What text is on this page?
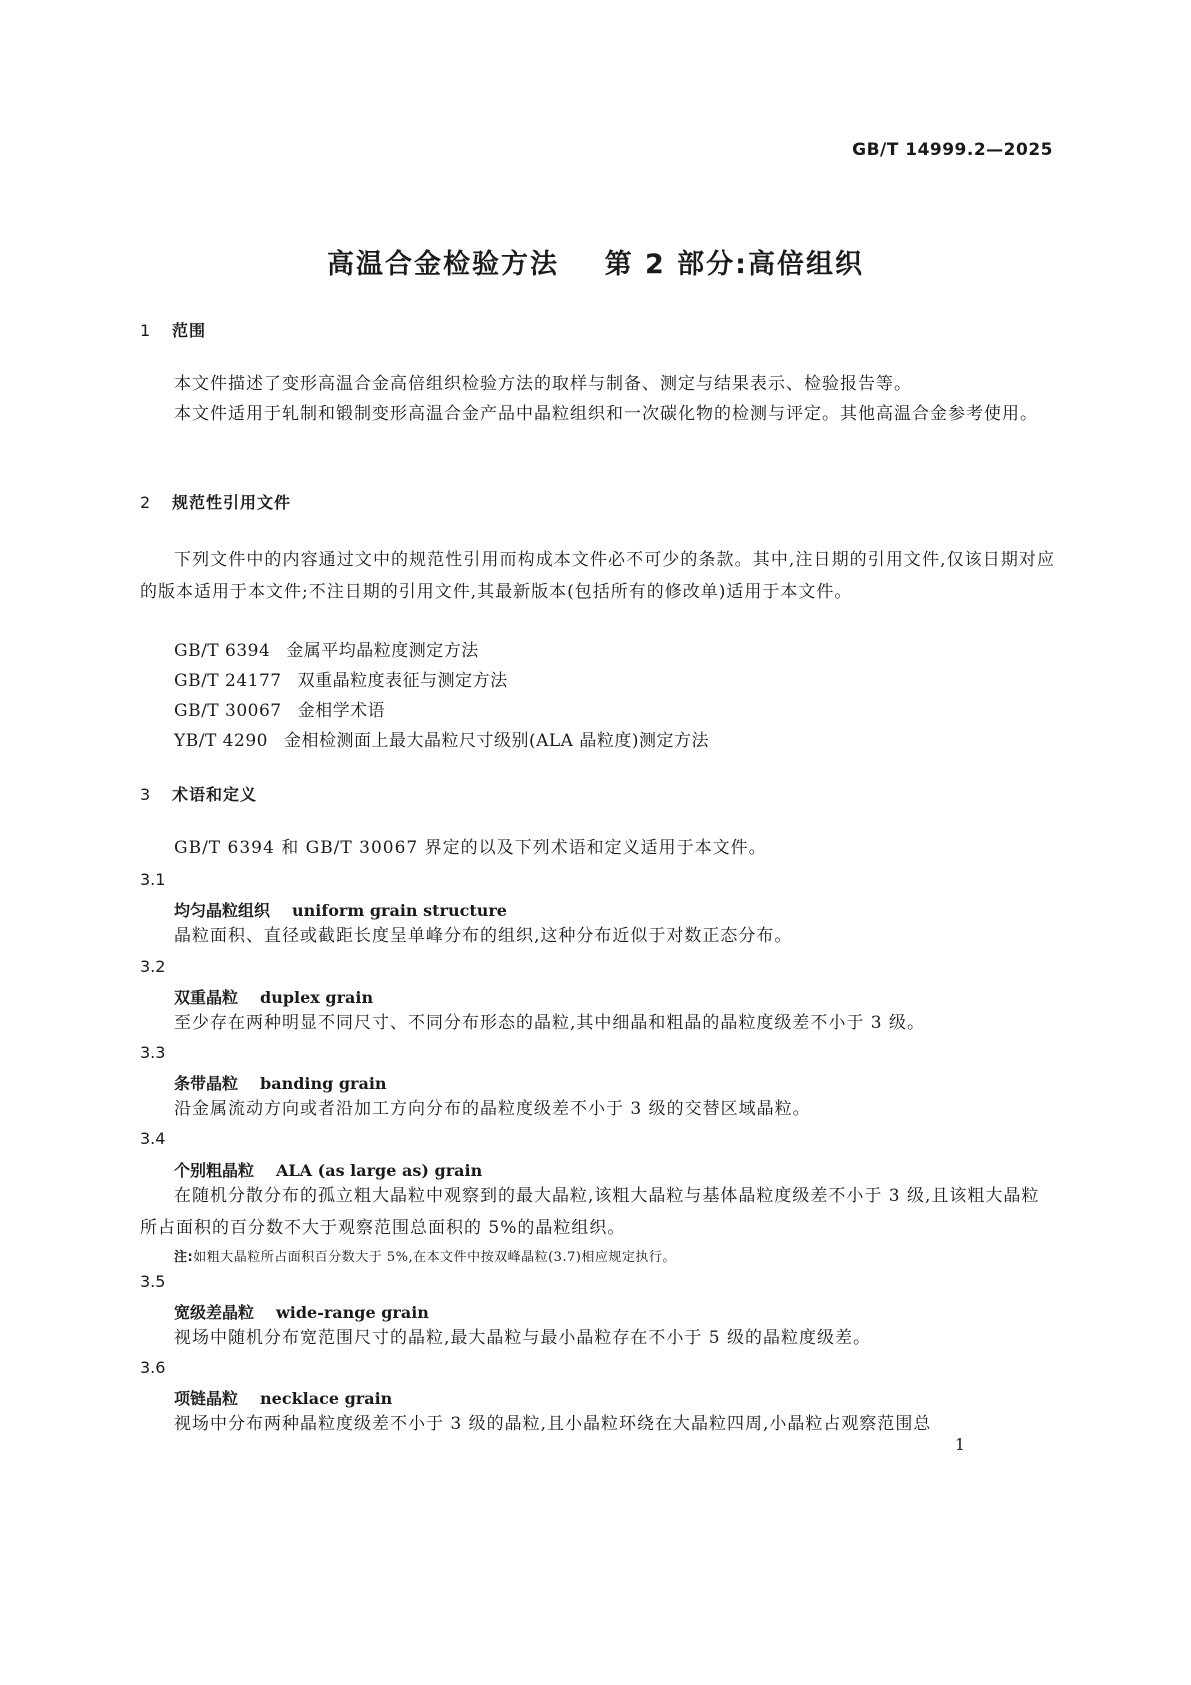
GB/T 14999.2—2025
高温合金检验方法    第 2 部分:高倍组织
1 范围

本文件描述了变形高温合金高倍组织检验方法的取样与制备、测定与结果表示、检验报告等。

本文件适用于轧制和锻制变形高温合金产品中晶粒组织和一次碳化物的检测与评定。其他高温合金参考使用。

2 规范性引用文件

下列文件中的内容通过文中的规范性引用而构成本文件必不可少的条款。其中,注日期的引用文件,仅该日期对应的版本适用于本文件;不注日期的引用文件,其最新版本(包括所有的修改单)适用于本文件。

GB/T 6394 金属平均晶粒度测定方法
GB/T 24177 双重晶粒度表征与测定方法
GB/T 30067 金相学术语
YB/T 4290 金相检测面上最大晶粒尺寸级别(ALA 晶粒度)测定方法
3 术语和定义

GB/T 6394 和 GB/T 30067 界定的以及下列术语和定义适用于本文件。

3.1
均匀晶粒组织 uniform grain structure

晶粒面积、直径或截距长度呈单峰分布的组织,这种分布近似于对数正态分布。

3.2
双重晶粒 duplex grain

至少存在两种明显不同尺寸、不同分布形态的晶粒,其中细晶和粗晶的晶粒度级差不小于 3 级。

3.3
条带晶粒 banding grain

沿金属流动方向或者沿加工方向分布的晶粒度级差不小于 3 级的交替区域晶粒。

3.4
个别粗晶粒 ALA (as large as) grain

在随机分散分布的孤立粗大晶粒中观察到的最大晶粒,该粗大晶粒与基体晶粒度级差不小于 3 级,且该粗大晶粒所占面积的百分数不大于观察范围总面积的 5%的晶粒组织。

注:如粗大晶粒所占面积百分数大于 5%,在本文件中按双峰晶粒(3.7)相应规定执行。
3.5
宽级差晶粒 wide-range grain

视场中随机分布宽范围尺寸的晶粒,最大晶粒与最小晶粒存在不小于 5 级的晶粒度级差。

3.6
项链晶粒 necklace grain

视场中分布两种晶粒度级差不小于 3 级的晶粒,且小晶粒环绕在大晶粒四周,小晶粒占观察范围总

1
